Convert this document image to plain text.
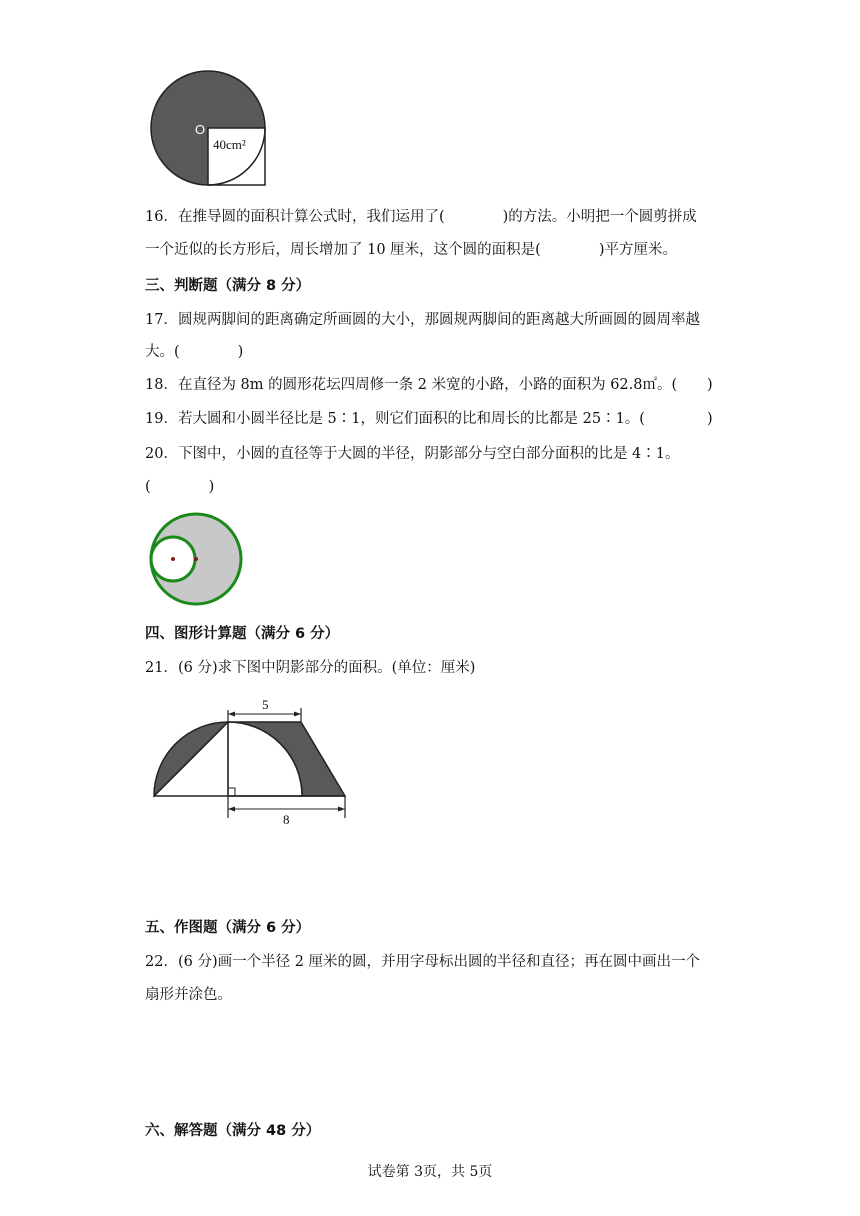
O
40cm²
16．在推导圆的面积计算公式时，我们运用了(　　　　)的方法。小明把一个圆剪拼成
一个近似的长方形后，周长增加了 10 厘米，这个圆的面积是(　　　　)平方厘米。
三、判断题（满分 8 分）
17．圆规两脚间的距离确定所画圆的大小，那圆规两脚间的距离越大所画圆的圆周率越
大。(　　　　)
18．在直径为 8m 的圆形花坛四周修一条 2 米宽的小路，小路的面积为 62.8㎡。( )
19．若大圆和小圆半径比是 5∶1，则它们面积的比和周长的比都是 25∶1。(	)
20．下图中，小圆的直径等于大圆的半径，阴影部分与空白部分面积的比是 4∶1。
(　　　　)
四、图形计算题（满分 6 分）
21．(6 分)求下图中阴影部分的面积。(单位：厘米)
5
8
五、作图题（满分 6 分）
22．(6 分)画一个半径 2 厘米的圆，并用字母标出圆的半径和直径；再在圆中画出一个
扇形并涂色。
六、解答题（满分 48 分）
试卷第 3页，共 5页
